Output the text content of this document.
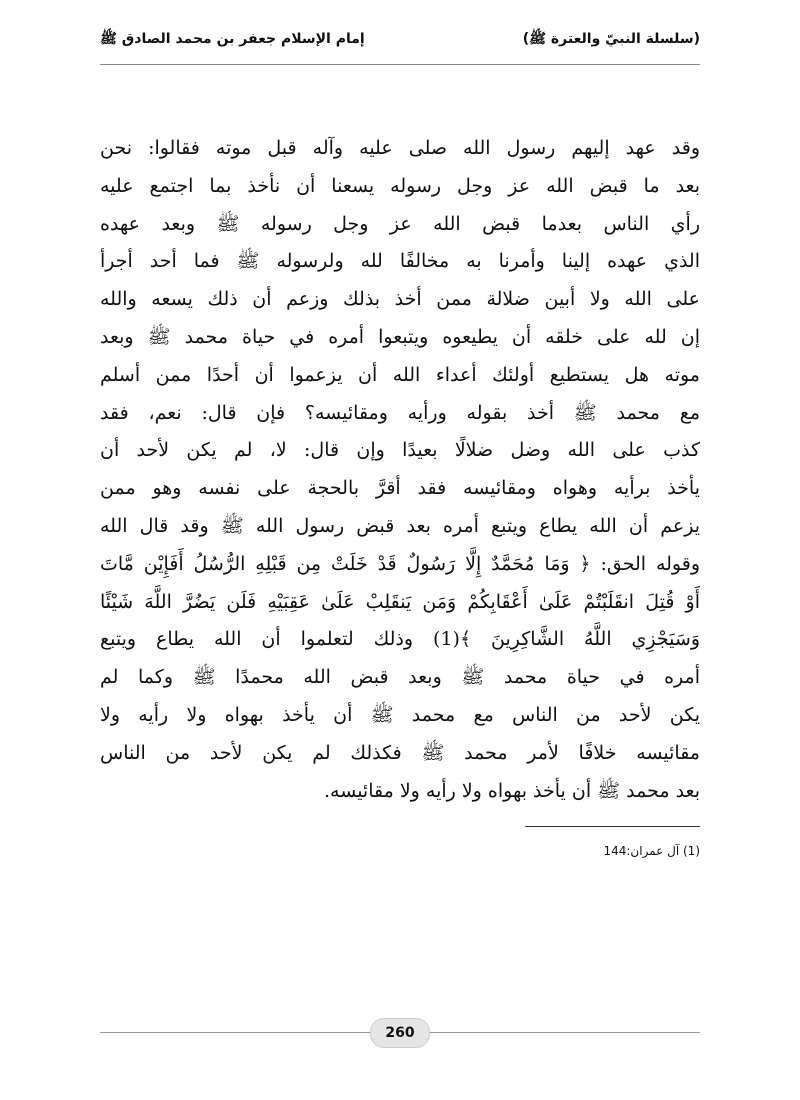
(سلسلة النبيّ والعترة ﷺ)
إمام الإسلام جعفر بن محمد الصادق ﷺ
وقد عهد إليهم رسول الله صلى عليه وآله قبل موته فقالوا: نحن
بعد ما قبض الله عز وجل رسوله يسعنا أن نأخذ بما اجتمع عليه
رأي الناس بعدما قبض الله عز وجل رسوله ﷺ وبعد عهده
الذي عهده إلينا وأمرنا به مخالفًا لله ولرسوله ﷺ فما أحد أجرأ
على الله ولا أبين ضلالة ممن أخذ بذلك وزعم أن ذلك يسعه والله
إن لله على خلقه أن يطيعوه ويتبعوا أمره في حياة محمد ﷺ وبعد
موته هل يستطيع أولئك أعداء الله أن يزعموا أن أحدًا ممن أسلم
مع محمد ﷺ أخذ بقوله ورأيه ومقائيسه؟ فإن قال: نعم، فقد
كذب على الله وضل ضلالًا بعيدًا وإن قال: لا، لم يكن لأحد أن
يأخذ برأيه وهواه ومقائيسه فقد أقرَّ بالحجة على نفسه وهو ممن
يزعم أن الله يطاع ويتبع أمره بعد قبض رسول الله ﷺ وقد قال الله
وقوله الحق: ﴿ وَمَا مُحَمَّدٌ إِلَّا رَسُولٌ قَدْ خَلَتْ مِن قَبْلِهِ الرُّسُلُ أَفَإِيْن مَّاتَ
أَوْ قُتِلَ انقَلَبْتُمْ عَلَىٰ أَعْقَابِكُمْ وَمَن يَنقَلِبْ عَلَىٰ عَقِبَيْهِ فَلَن يَضُرَّ اللَّهَ شَيْئًا
وَسَيَجْزِي اللَّهُ الشَّاكِرِينَ ﴾(1) وذلك لتعلموا أن الله يطاع ويتبع
أمره في حياة محمد ﷺ وبعد قبض الله محمدًا ﷺ وكما لم
يكن لأحد من الناس مع محمد ﷺ أن يأخذ بهواه ولا رأيه ولا
مقائيسه خلافًا لأمر محمد ﷺ فكذلك لم يكن لأحد من الناس
بعد محمد ﷺ أن يأخذ بهواه ولا رأيه ولا مقائيسه.
(1) آل عمران:144
260
